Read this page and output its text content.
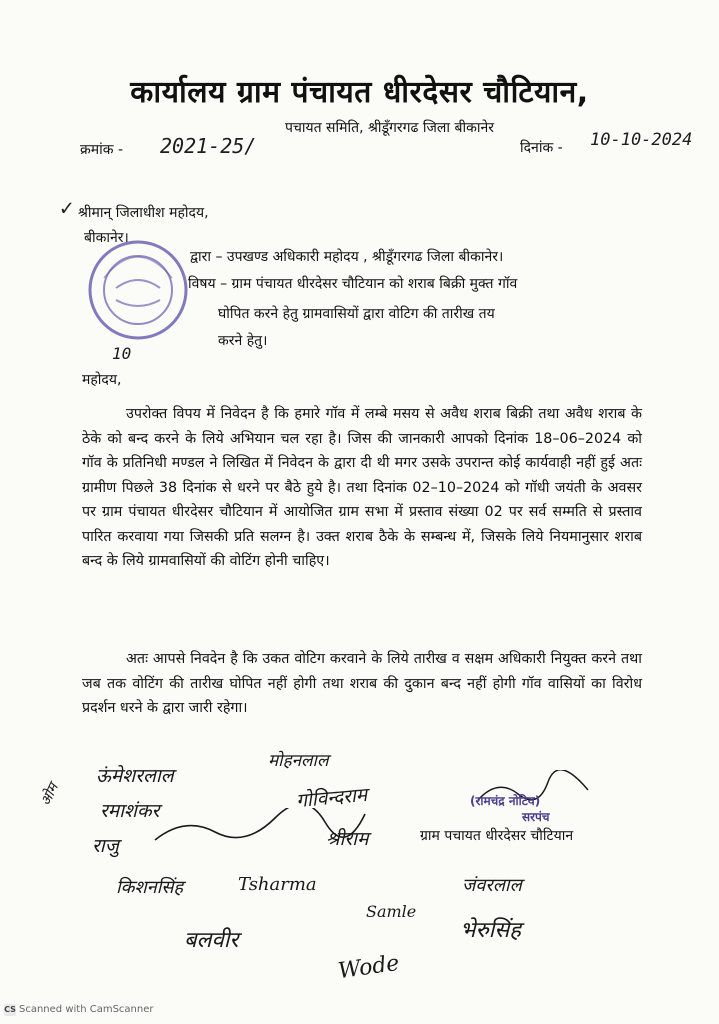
कार्यालय ग्राम पंचायत धीरदेसर चौटियान,
पचायत समिति, श्रीडूँगरगढ जिला बीकानेर
क्रमांक - 2021-25/	दिनांक - 10-10-2024
✓ श्रीमान् जिलाधीश महोदय,
बीकानेर।
10
द्वारा – उपखण्ड अधिकारी महोदय , श्रीडूँगरगढ जिला बीकानेर।
विषय – ग्राम पंचायत धीरदेसर चौटियान को शराब बिक्री मुक्त गॉव
घोपित करने हेतु ग्रामवासियों द्वारा वोटिग की तारीख तय
करने हेतु।
महोदय,
उपरोक्त विपय में निवेदन है कि हमारे गॉव में लम्बे मसय से अवैध शराब बिक्री तथा अवैध शराब के ठेके को बन्द करने के लिये अभियान चल रहा है। जिस की जानकारी आपको दिनांक 18–06–2024 को गॉव के प्रतिनिधी मण्डल ने लिखित में निवेदन के द्वारा दी थी मगर उसके उपरान्त कोई कार्यवाही नहीं हुई अतः ग्रामीण पिछले 38 दिनांक से धरने पर बैठे हुये है। तथा दिनांक 02–10–2024 को गॉधी जयंती के अवसर पर ग्राम पंचायत धीरदेसर चौटियान में आयोजित ग्राम सभा में प्रस्ताव संख्या 02 पर सर्व सम्मति से प्रस्ताव पारित करवाया गया जिसकी प्रति सलग्न है। उक्त शराब ठैके के सम्बन्ध में, जिसके लिये नियमानुसार शराब बन्द के लिये ग्रामवासियों की वोटिंग होनी चाहिए।
अतः आपसे निवदेन है कि उकत वोटिग करवाने के लिये तारीख व सक्षम अधिकारी नियुक्त करने तथा जब तक वोटिंग की तारीख घोपित नहीं होगी तथा शराब की दुकान बन्द नहीं होगी गॉव वासियों का विरोध प्रदर्शन धरने के द्वारा जारी रहेगा।
ओम
ऊंमेशरलाल
मोहनलाल
रमाशंकर	गोविन्दराम
राजु	श्रीराम
किशनसिंह	Tsharma
बलवीर
Samle
Wode
जंवरलाल
भेरुसिंह
(रामचंद्र नोटिय)
सरपंच
ग्राम पचायत धीरदेसर चौटियान
CS Scanned with CamScanner
